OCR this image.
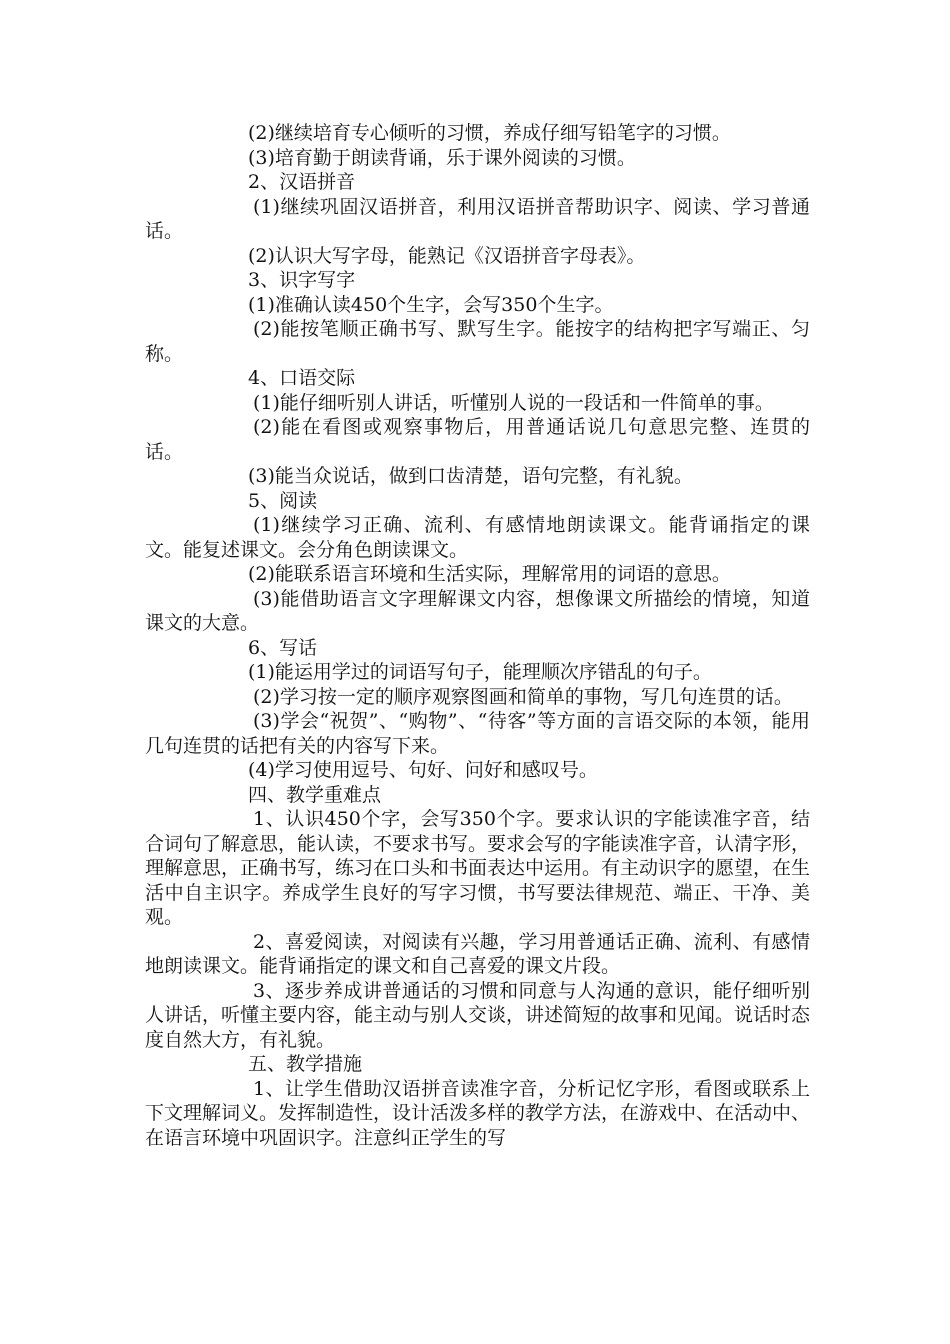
(2)继续培育专心倾听的习惯，养成仔细写铅笔字的习惯。

(3)培育勤于朗读背诵，乐于课外阅读的习惯。

2、汉语拼音

(1)继续巩固汉语拼音，利用汉语拼音帮助识字、阅读、学习普通话。

(2)认识大写字母，能熟记《汉语拼音字母表》。

3、识字写字

(1)准确认读450个生字，会写350个生字。

(2)能按笔顺正确书写、默写生字。能按字的结构把字写端正、匀称。

4、口语交际

(1)能仔细听别人讲话，听懂别人说的一段话和一件简单的事。

(2)能在看图或观察事物后，用普通话说几句意思完整、连贯的话。

(3)能当众说话，做到口齿清楚，语句完整，有礼貌。

5、阅读

(1)继续学习正确、流利、有感情地朗读课文。能背诵指定的课文。能复述课文。会分角色朗读课文。

(2)能联系语言环境和生活实际，理解常用的词语的意思。

(3)能借助语言文字理解课文内容，想像课文所描绘的情境，知道课文的大意。

6、写话

(1)能运用学过的词语写句子，能理顺次序错乱的句子。

(2)学习按一定的顺序观察图画和简单的事物，写几句连贯的话。

(3)学会“祝贺”、“购物”、“待客”等方面的言语交际的本领，能用几句连贯的话把有关的内容写下来。

(4)学习使用逗号、句好、问好和感叹号。

四、教学重难点

1、认识450个字，会写350个字。要求认识的字能读准字音，结合词句了解意思，能认读，不要求书写。要求会写的字能读准字音，认清字形，理解意思，正确书写，练习在口头和书面表达中运用。有主动识字的愿望，在生活中自主识字。养成学生良好的写字习惯，书写要法律规范、端正、干净、美观。

2、喜爱阅读，对阅读有兴趣，学习用普通话正确、流利、有感情地朗读课文。能背诵指定的课文和自己喜爱的课文片段。

3、逐步养成讲普通话的习惯和同意与人沟通的意识，能仔细听别人讲话，听懂主要内容，能主动与别人交谈，讲述简短的故事和见闻。说话时态度自然大方，有礼貌。

五、教学措施

1、让学生借助汉语拼音读准字音，分析记忆字形，看图或联系上下文理解词义。发挥制造性，设计活泼多样的教学方法，在游戏中、在活动中、在语言环境中巩固识字。注意纠正学生的写
